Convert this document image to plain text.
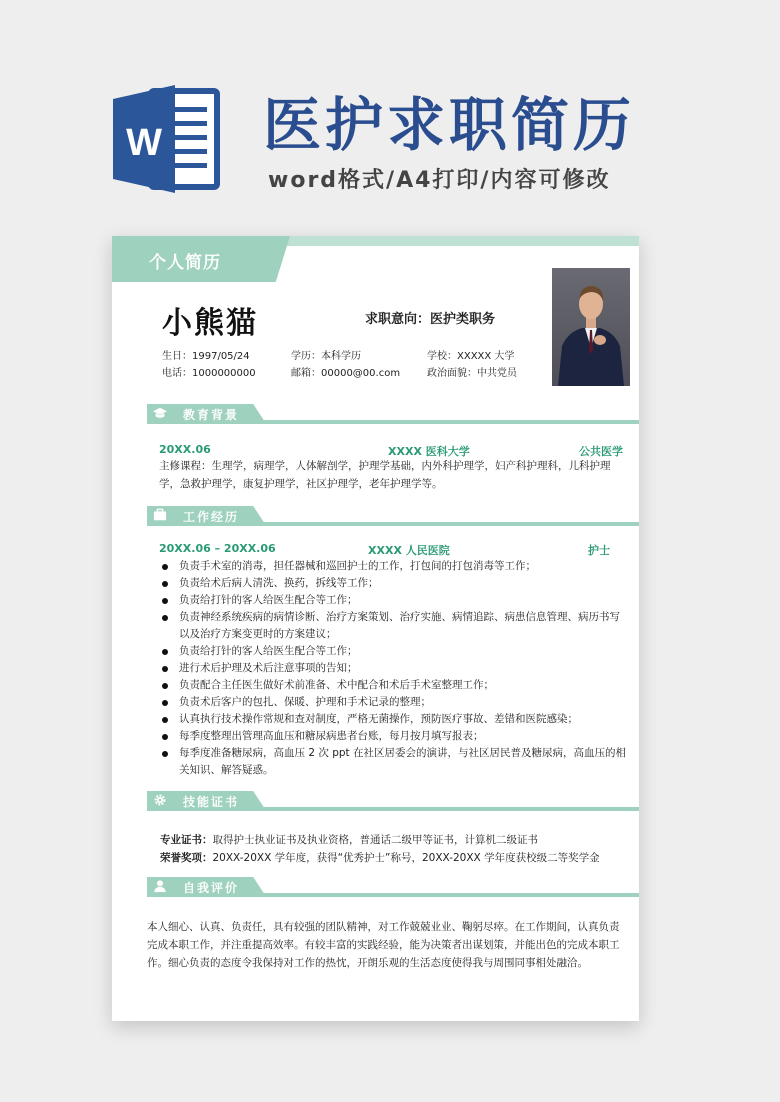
W 医护求职简历
word格式/A4打印/内容可修改
个人简历
小熊猫	求职意向：医护类职务
生日：1997/05/24	学历：本科学历	学校：XXXXX 大学
电话：1000000000	邮箱：00000@00.com	政治面貌：中共党员
教育背景
20XX.06	XXXX 医科大学	公共医学
主修课程：生理学，病理学，人体解剖学，护理学基础，内外科护理学，妇产科护理科，儿科护理学，急救护理学，康复护理学，社区护理学，老年护理学等。
工作经历
20XX.06 – 20XX.06	XXXX 人民医院	护士
负责手术室的消毒，担任器械和巡回护士的工作，打包间的打包消毒等工作；
负责给术后病人清洗、换药，拆线等工作；
负责给打针的客人给医生配合等工作；
负责神经系统疾病的病情诊断、治疗方案策划、治疗实施、病情追踪、病患信息管理、病历书写以及治疗方案变更时的方案建议；
负责给打针的客人给医生配合等工作；
进行术后护理及术后注意事项的告知；
负责配合主任医生做好术前准备、术中配合和术后手术室整理工作；
负责术后客户的包扎、保暖、护理和手术记录的整理；
认真执行技术操作常规和查对制度，严格无菌操作，预防医疗事故、差错和医院感染；
每季度整理出管理高血压和糖尿病患者台账，每月按月填写报表；
每季度准备糖尿病，高血压 2 次 ppt 在社区居委会的演讲，与社区居民普及糖尿病，高血压的相关知识、解答疑惑。
技能证书
专业证书：取得护士执业证书及执业资格，普通话二级甲等证书，计算机二级证书
荣誉奖项：20XX-20XX 学年度，获得“优秀护士”称号，20XX-20XX 学年度获校级二等奖学金
自我评价
本人细心、认真、负责任，具有较强的团队精神，对工作兢兢业业、鞠躬尽瘁。在工作期间，认真负责完成本职工作，并注重提高效率。有较丰富的实践经验，能为决策者出谋划策，并能出色的完成本职工作。细心负责的态度令我保持对工作的热忱，开朗乐观的生活态度使得我与周围同事相处融洽。
